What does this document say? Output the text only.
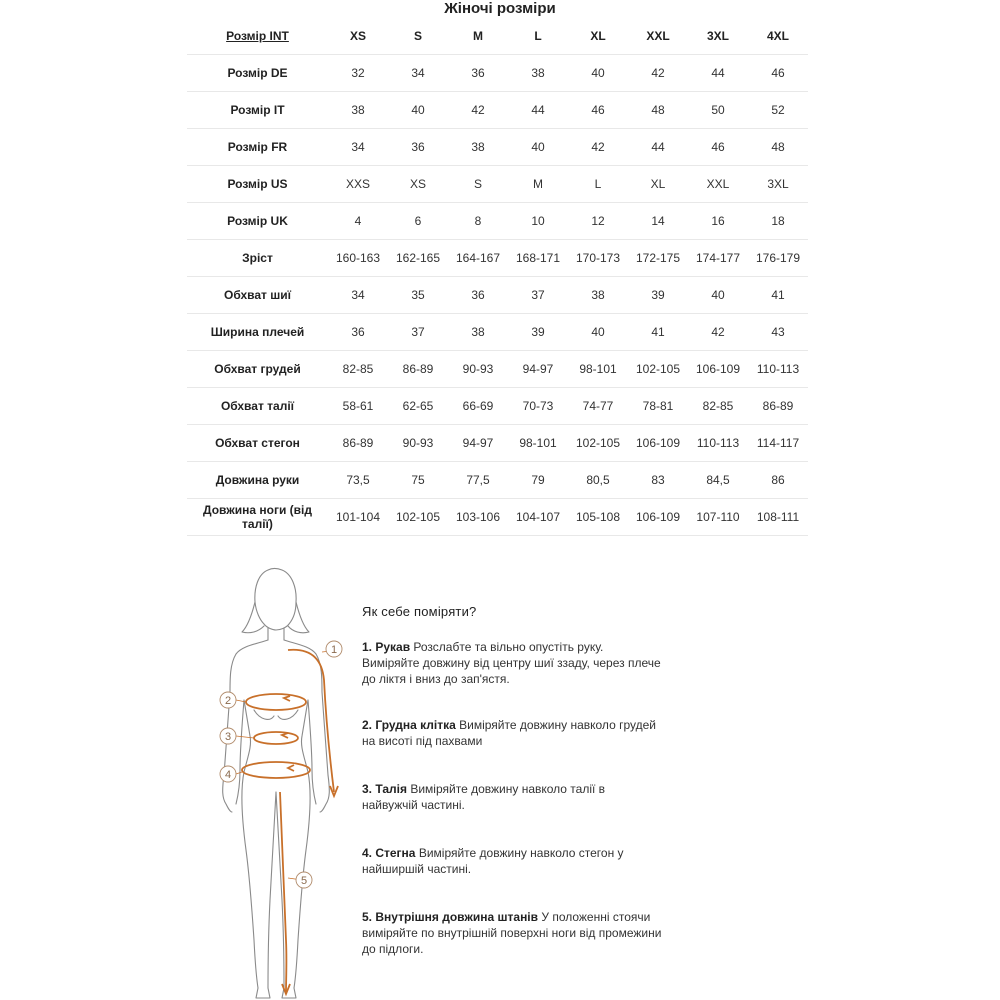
Жіночі розміри
Розмір INT	XS	S	M	L	XL	XXL	3XL	4XL
Розмір DE	32	34	36	38	40	42	44	46
Розмір IT	38	40	42	44	46	48	50	52
Розмір FR	34	36	38	40	42	44	46	48
Розмір US	XXS	XS	S	M	L	XL	XXL	3XL
Розмір UK	4	6	8	10	12	14	16	18
Зріст	160-163	162-165	164-167	168-171	170-173	172-175	174-177	176-179
Обхват шиї	34	35	36	37	38	39	40	41
Ширина плечей	36	37	38	39	40	41	42	43
Обхват грудей	82-85	86-89	90-93	94-97	98-101	102-105	106-109	110-113
Обхват талії	58-61	62-65	66-69	70-73	74-77	78-81	82-85	86-89
Обхват стегон	86-89	90-93	94-97	98-101	102-105	106-109	110-113	114-117
Довжина руки	73,5	75	77,5	79	80,5	83	84,5	86
Довжина ноги (від талії)	101-104	102-105	103-106	104-107	105-108	106-109	107-110	108-111
1
2
3
4
5
Як себе поміряти?
1. Рукав Розслабте та вільно опустіть руку. Виміряйте довжину від центру шиї ззаду, через плече до ліктя і вниз до зап'ястя.
2. Грудна клітка Виміряйте довжину навколо грудей на висоті під пахвами
3. Талія Виміряйте довжину навколо талії в найвужчій частині.
4. Стегна Виміряйте довжину навколо стегон у найширшій частині.
5. Внутрішня довжина штанів У положенні стоячи виміряйте по внутрішній поверхні ноги від промежини до підлоги.
